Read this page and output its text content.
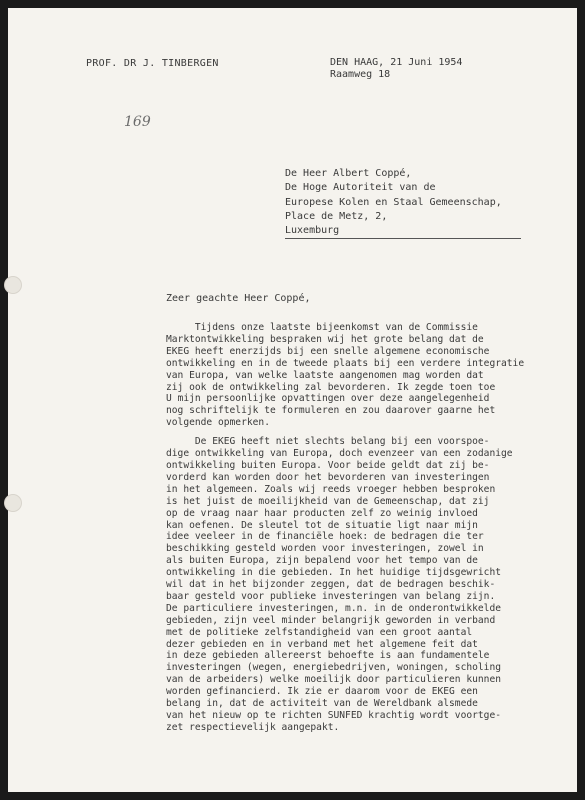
PROF. DR J. TINBERGEN	DEN HAAG, 21 Juni 1954
Raamweg 18
169
De Heer Albert Coppé,
De Hoge Autoriteit van de
Europese Kolen en Staal Gemeenschap,
Place de Metz, 2,
Luxemburg
Zeer geachte Heer Coppé,
Tijdens onze laatste bijeenkomst van de Commissie
Marktontwikkeling bespraken wij het grote belang dat de
EKEG heeft enerzijds bij een snelle algemene economische
ontwikkeling en in de tweede plaats bij een verdere integratie
van Europa, van welke laatste aangenomen mag worden dat
zij ook de ontwikkeling zal bevorderen. Ik zegde toen toe
U mijn persoonlijke opvattingen over deze aangelegenheid
nog schriftelijk te formuleren en zou daarover gaarne het
volgende opmerken.
De EKEG heeft niet slechts belang bij een voorspoe-
dige ontwikkeling van Europa, doch evenzeer van een zodanige
ontwikkeling buiten Europa. Voor beide geldt dat zij be-
vorderd kan worden door het bevorderen van investeringen
in het algemeen. Zoals wij reeds vroeger hebben besproken
is het juist de moeilijkheid van de Gemeenschap, dat zij
op de vraag naar haar producten zelf zo weinig invloed
kan oefenen. De sleutel tot de situatie ligt naar mijn
idee veeleer in de financiële hoek: de bedragen die ter
beschikking gesteld worden voor investeringen, zowel in
als buiten Europa, zijn bepalend voor het tempo van de
ontwikkeling in die gebieden. In het huidige tijdsgewricht
wil dat in het bijzonder zeggen, dat de bedragen beschik-
baar gesteld voor publieke investeringen van belang zijn.
De particuliere investeringen, m.n. in de onderontwikkelde
gebieden, zijn veel minder belangrijk geworden in verband
met de politieke zelfstandigheid van een groot aantal
dezer gebieden en in verband met het algemene feit dat
in deze gebieden allereerst behoefte is aan fundamentele
investeringen (wegen, energiebedrijven, woningen, scholing
van de arbeiders) welke moeilijk door particulieren kunnen
worden gefinancierd. Ik zie er daarom voor de EKEG een
belang in, dat de activiteit van de Wereldbank alsmede
van het nieuw op te richten SUNFED krachtig wordt voortge-
zet respectievelijk aangepakt.
